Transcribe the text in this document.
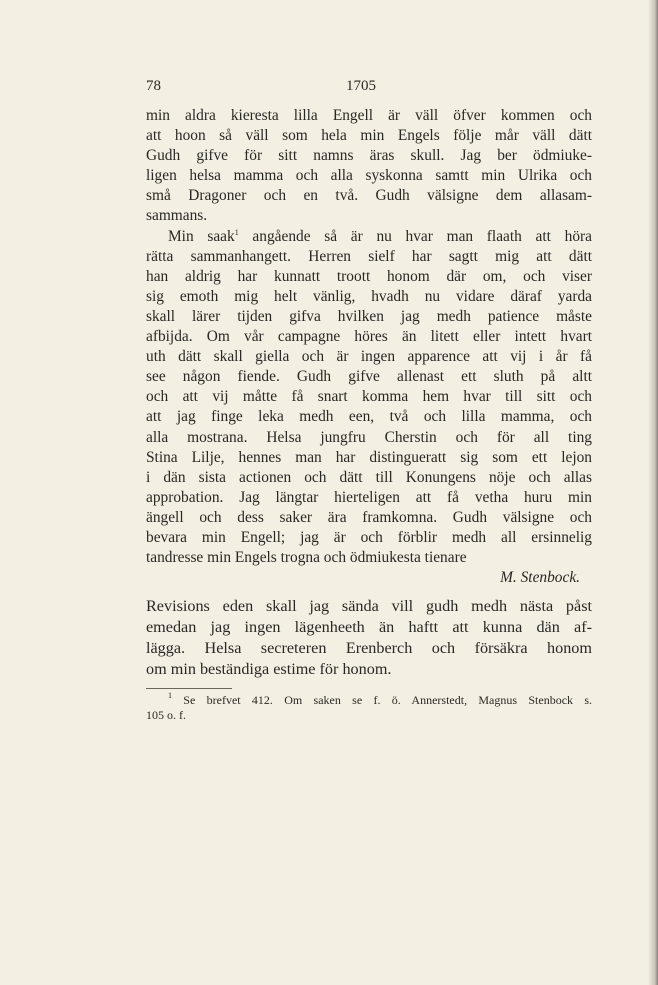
78	1705

min aldra kieresta lilla Engell är väll öfver kommen och
att hoon så väll som hela min Engels följe mår väll dätt
Gudh gifve för sitt namns äras skull. Jag ber ödmiuke-
ligen helsa mamma och alla syskonna samtt min Ulrika och
små Dragoner och en två. Gudh välsigne dem allasam-
sammans.

Min saak$^1$ angående så är nu hvar man flaath att höra
rätta sammanhangett. Herren sielf har sagtt mig att dätt
han aldrig har kunnatt troott honom där om, och viser
sig emoth mig helt vänlig, hvadh nu vidare däraf yarda
skall lärer tijden gifva hvilken jag medh patience måste
afbijda. Om vår campagne höres än litett eller intett hvart
uth dätt skall giella och är ingen apparence att vij i år få
see någon fiende. Gudh gifve allenast ett sluth på altt
och att vij måtte få snart komma hem hvar till sitt och
att jag finge leka medh een, två och lilla mamma, och
alla mostrana. Helsa jungfru Cherstin och för all ting
Stina Lilje, hennes man har distingueratt sig som ett lejon
i dän sista actionen och dätt till Konungens nöje och allas
approbation. Jag längtar hierteligen att få vetha huru min
ängell och dess saker ära framkomna. Gudh välsigne och
bevara min Engell; jag är och förblir medh all ersinnelig
tandresse min Engels trogna och ödmiukesta tienare

M. Stenbock.

Revisions eden skall jag sända vill gudh medh nästa påst
emedan jag ingen lägenheeth än haftt att kunna dän af-
lägga. Helsa secreteren Erenberch och försäkra honom
om min beständiga estime för honom.

$^1$ Se brefvet 412. Om saken se f. ö. Annerstedt, Magnus Stenbock s.
105 o. f.
